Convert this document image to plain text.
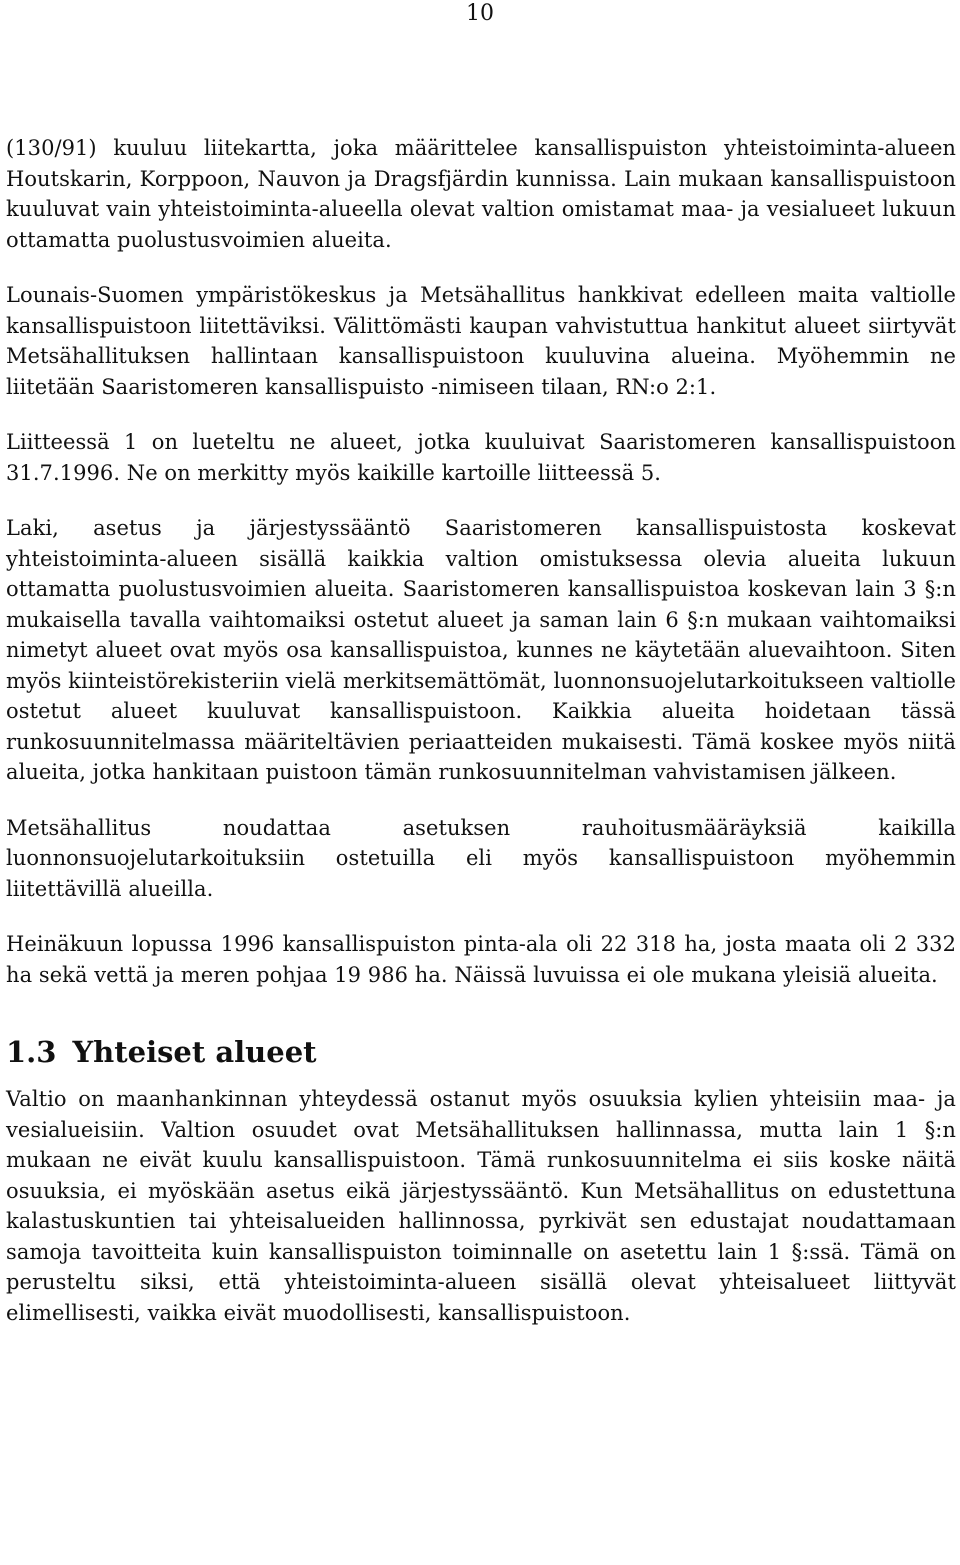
10

(130/91) kuuluu liitekartta, joka määrittelee kansallispuiston yhteistoiminta-alueen Houtskarin, Korppoon, Nauvon ja Dragsfjärdin kunnissa. Lain mukaan kansallispuistoon kuuluvat vain yhteistoiminta-alueella olevat valtion omistamat maa- ja vesialueet lukuun ottamatta puolustusvoimien alueita.

Lounais-Suomen ympäristökeskus ja Metsähallitus hankkivat edelleen maita valtiolle kansallispuistoon liitettäviksi. Välittömästi kaupan vahvistuttua hankitut alueet siirtyvät Metsähallituksen hallintaan kansallispuistoon kuuluvina alueina. Myöhemmin ne liitetään Saaristomeren kansallispuisto -nimiseen tilaan, RN:o 2:1.

Liitteessä 1 on lueteltu ne alueet, jotka kuuluivat Saaristomeren kansallispuistoon 31.7.1996. Ne on merkitty myös kaikille kartoille liitteessä 5.

Laki, asetus ja järjestyssääntö Saaristomeren kansallispuistosta koskevat yhteistoiminta-alueen sisällä kaikkia valtion omistuksessa olevia alueita lukuun ottamatta puolustusvoimien alueita. Saaristomeren kansallispuistoa koskevan lain 3 §:n mukaisella tavalla vaihtomaiksi ostetut alueet ja saman lain 6 §:n mukaan vaihtomaiksi nimetyt alueet ovat myös osa kansallispuistoa, kunnes ne käytetään aluevaihtoon. Siten myös kiinteistörekisteriin vielä merkitsemättömät, luonnonsuojelutarkoitukseen valtiolle ostetut alueet kuuluvat kansallispuistoon. Kaikkia alueita hoidetaan tässä runkosuunnitelmassa määriteltävien periaatteiden mukaisesti. Tämä koskee myös niitä alueita, jotka hankitaan puistoon tämän runkosuunnitelman vahvistamisen jälkeen.

Metsähallitus noudattaa asetuksen rauhoitusmääräyksiä kaikilla luonnonsuojelutarkoituksiin ostetuilla eli myös kansallispuistoon myöhemmin liitettävillä alueilla.

Heinäkuun lopussa 1996 kansallispuiston pinta-ala oli 22 318 ha, josta maata oli 2 332 ha sekä vettä ja meren pohjaa 19 986 ha. Näissä luvuissa ei ole mukana yleisiä alueita.

1.3 Yhteiset alueet

Valtio on maanhankinnan yhteydessä ostanut myös osuuksia kylien yhteisiin maa- ja vesialueisiin. Valtion osuudet ovat Metsähallituksen hallinnassa, mutta lain 1 §:n mukaan ne eivät kuulu kansallispuistoon. Tämä runkosuunnitelma ei siis koske näitä osuuksia, ei myöskään asetus eikä järjestyssääntö. Kun Metsähallitus on edustettuna kalastuskuntien tai yhteisalueiden hallinnossa, pyrkivät sen edustajat noudattamaan samoja tavoitteita kuin kansallispuiston toiminnalle on asetettu lain 1 §:ssä. Tämä on perusteltu siksi, että yhteistoiminta-alueen sisällä olevat yhteisalueet liittyvät elimellisesti, vaikka eivät muodollisesti, kansallispuistoon.
